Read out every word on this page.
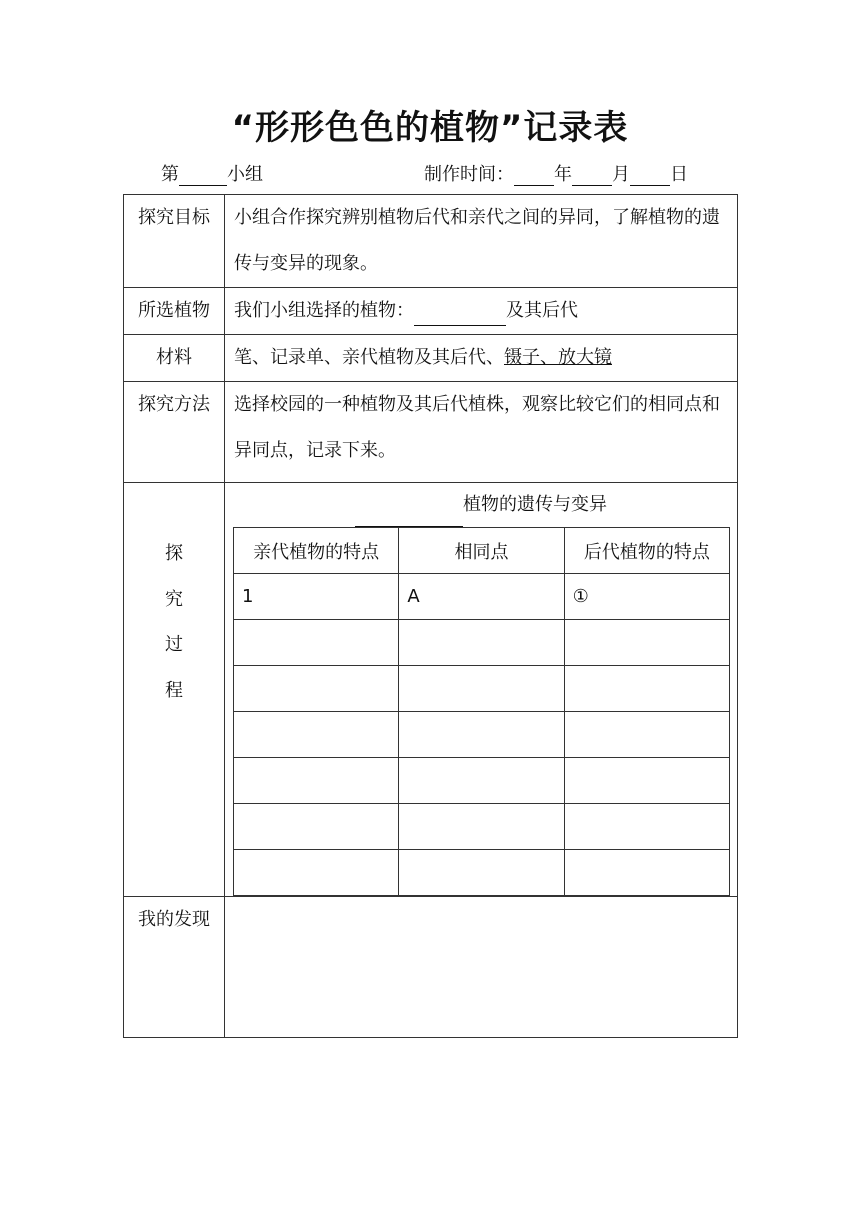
“形形色色的植物”记录表
第	小组	制作时间： 年 月 日
探究目标	小组合作探究辨别植物后代和亲代之间的异同，了解植物的遗传与变异的现象。

所选植物	我们小组选择的植物：	及其后代

材料	笔、记录单、亲代植物及其后代、镊子、放大镜

探究方法	选择校园的一种植物及其后代植株，观察比较它们的相同点和异同点，记录下来。

探
究
过
程

植物的遗传与变异
亲代植物的特点	相同点	后代植物的特点
1	A	①

我的发现
